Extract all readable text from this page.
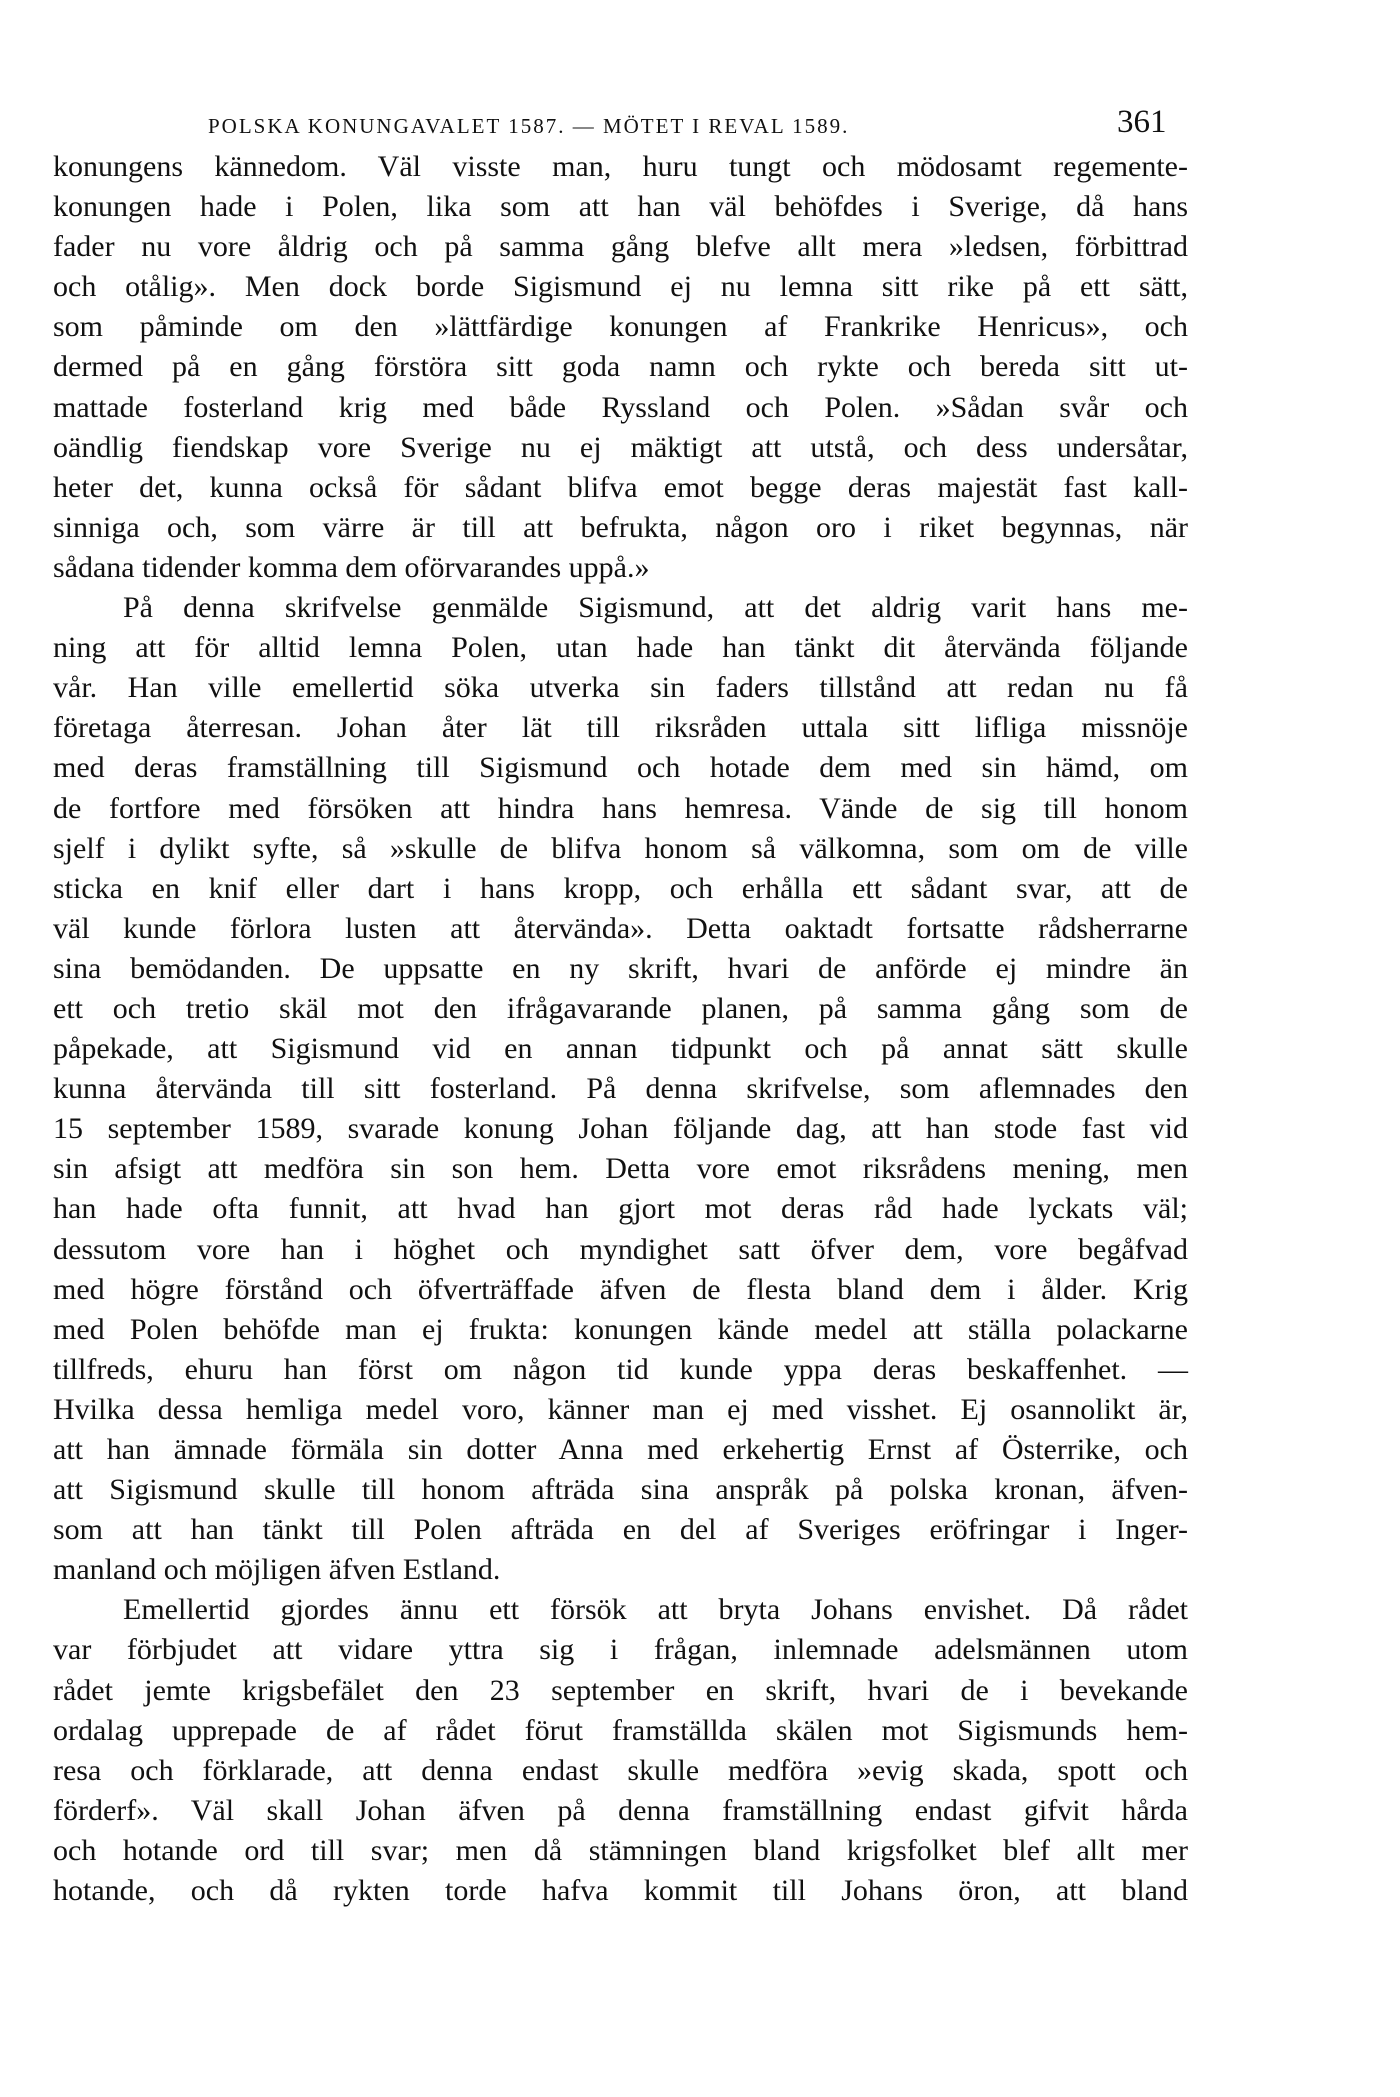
POLSKA KONUNGAVALET 1587. — MÖTET I REVAL 1589.	361
konungens kännedom. Väl visste man, huru tungt och mödosamt regemente-
konungen hade i Polen, lika som att han väl behöfdes i Sverige, då hans
fader nu vore åldrig och på samma gång blefve allt mera »ledsen, förbittrad
och otålig». Men dock borde Sigismund ej nu lemna sitt rike på ett sätt,
som påminde om den »lättfärdige konungen af Frankrike Henricus», och
dermed på en gång förstöra sitt goda namn och rykte och bereda sitt ut-
mattade fosterland krig med både Ryssland och Polen. »Sådan svår och
oändlig fiendskap vore Sverige nu ej mäktigt att utstå, och dess undersåtar,
heter det, kunna också för sådant blifva emot begge deras majestät fast kall-
sinniga och, som värre är till att befrukta, någon oro i riket begynnas, när
sådana tidender komma dem oförvarandes uppå.»
På denna skrifvelse genmälde Sigismund, att det aldrig varit hans me-
ning att för alltid lemna Polen, utan hade han tänkt dit återvända följande
vår. Han ville emellertid söka utverka sin faders tillstånd att redan nu få
företaga återresan. Johan åter lät till riksråden uttala sitt lifliga missnöje
med deras framställning till Sigismund och hotade dem med sin hämd, om
de fortfore med försöken att hindra hans hemresa. Vände de sig till honom
sjelf i dylikt syfte, så »skulle de blifva honom så välkomna, som om de ville
sticka en knif eller dart i hans kropp, och erhålla ett sådant svar, att de
väl kunde förlora lusten att återvända». Detta oaktadt fortsatte rådsherrarne
sina bemödanden. De uppsatte en ny skrift, hvari de anförde ej mindre än
ett och tretio skäl mot den ifrågavarande planen, på samma gång som de
påpekade, att Sigismund vid en annan tidpunkt och på annat sätt skulle
kunna återvända till sitt fosterland. På denna skrifvelse, som aflemnades den
15 september 1589, svarade konung Johan följande dag, att han stode fast vid
sin afsigt att medföra sin son hem. Detta vore emot riksrådens mening, men
han hade ofta funnit, att hvad han gjort mot deras råd hade lyckats väl;
dessutom vore han i höghet och myndighet satt öfver dem, vore begåfvad
med högre förstånd och öfverträffade äfven de flesta bland dem i ålder. Krig
med Polen behöfde man ej frukta: konungen kände medel att ställa polackarne
tillfreds, ehuru han först om någon tid kunde yppa deras beskaffenhet. —
Hvilka dessa hemliga medel voro, känner man ej med visshet. Ej osannolikt är,
att han ämnade förmäla sin dotter Anna med erkehertig Ernst af Österrike, och
att Sigismund skulle till honom afträda sina anspråk på polska kronan, äfven-
som att han tänkt till Polen afträda en del af Sveriges eröfringar i Inger-
manland och möjligen äfven Estland.
Emellertid gjordes ännu ett försök att bryta Johans envishet. Då rådet
var förbjudet att vidare yttra sig i frågan, inlemnade adelsmännen utom
rådet jemte krigsbefälet den 23 september en skrift, hvari de i bevekande
ordalag upprepade de af rådet förut framställda skälen mot Sigismunds hem-
resa och förklarade, att denna endast skulle medföra »evig skada, spott och
förderf». Väl skall Johan äfven på denna framställning endast gifvit hårda
och hotande ord till svar; men då stämningen bland krigsfolket blef allt mer
hotande, och då rykten torde hafva kommit till Johans öron, att bland
